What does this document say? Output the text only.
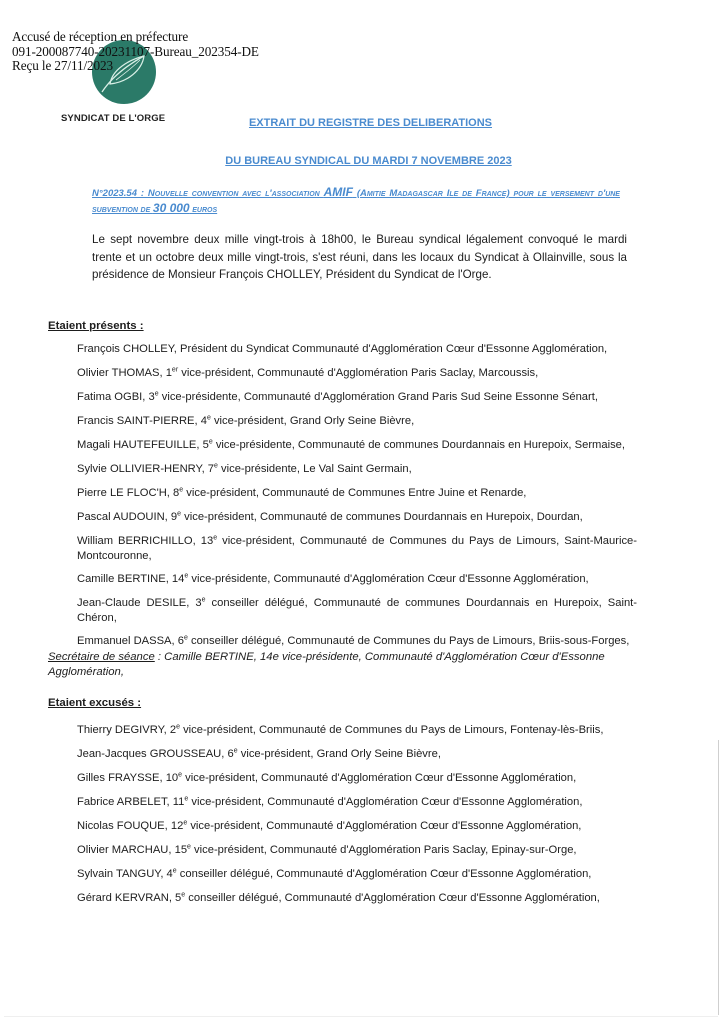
Accusé de réception en préfecture
091-200087740-20231107-Bureau_202354-DE
Reçu le 27/11/2023
SYNDICAT DE L'ORGE	EXTRAIT DU REGISTRE DES DELIBERATIONS
DU BUREAU SYNDICAL DU MARDI 7 NOVEMBRE 2023
N°2023.54 : Nouvelle convention avec l'association AMIF (Amitie Madagascar Ile de France) pour le versement d'une subvention de 30 000 euros
Le sept novembre deux mille vingt-trois à 18h00, le Bureau syndical légalement convoqué le mardi trente et un octobre deux mille vingt-trois, s'est réuni, dans les locaux du Syndicat à Ollainville, sous la présidence de Monsieur François CHOLLEY, Président du Syndicat de l'Orge.
Etaient présents :
François CHOLLEY, Président du Syndicat Communauté d'Agglomération Cœur d'Essonne Agglomération,
Olivier THOMAS, 1er vice-président, Communauté d'Agglomération Paris Saclay, Marcoussis,
Fatima OGBI, 3e vice-présidente, Communauté d'Agglomération Grand Paris Sud Seine Essonne Sénart,
Francis SAINT-PIERRE, 4e vice-président, Grand Orly Seine Bièvre,
Magali HAUTEFEUILLE, 5e vice-présidente, Communauté de communes Dourdannais en Hurepoix, Sermaise,
Sylvie OLLIVIER-HENRY, 7e vice-présidente, Le Val Saint Germain,
Pierre LE FLOC'H, 8e vice-président, Communauté de Communes Entre Juine et Renarde,
Pascal AUDOUIN, 9e vice-président, Communauté de communes Dourdannais en Hurepoix, Dourdan,
William BERRICHILLO, 13e vice-président, Communauté de Communes du Pays de Limours, Saint-Maurice-Montcouronne,
Camille BERTINE, 14e vice-présidente, Communauté d'Agglomération Cœur d'Essonne Agglomération,
Jean-Claude DESILE, 3e conseiller délégué, Communauté de communes Dourdannais en Hurepoix, Saint-Chéron,
Emmanuel DASSA, 6e conseiller délégué, Communauté de Communes du Pays de Limours, Briis-sous-Forges,
Secrétaire de séance : Camille BERTINE, 14e vice-présidente, Communauté d'Agglomération Cœur d'Essonne Agglomération,
Etaient excusés :
Thierry DEGIVRY, 2e vice-président, Communauté de Communes du Pays de Limours, Fontenay-lès-Briis,
Jean-Jacques GROUSSEAU, 6e vice-président, Grand Orly Seine Bièvre,
Gilles FRAYSSE, 10e vice-président, Communauté d'Agglomération Cœur d'Essonne Agglomération,
Fabrice ARBELET, 11e vice-président, Communauté d'Agglomération Cœur d'Essonne Agglomération,
Nicolas FOUQUE, 12e vice-président, Communauté d'Agglomération Cœur d'Essonne Agglomération,
Olivier MARCHAU, 15e vice-président, Communauté d'Agglomération Paris Saclay, Epinay-sur-Orge,
Sylvain TANGUY, 4e conseiller délégué, Communauté d'Agglomération Cœur d'Essonne Agglomération,
Gérard KERVRAN, 5e conseiller délégué, Communauté d'Agglomération Cœur d'Essonne Agglomération,
